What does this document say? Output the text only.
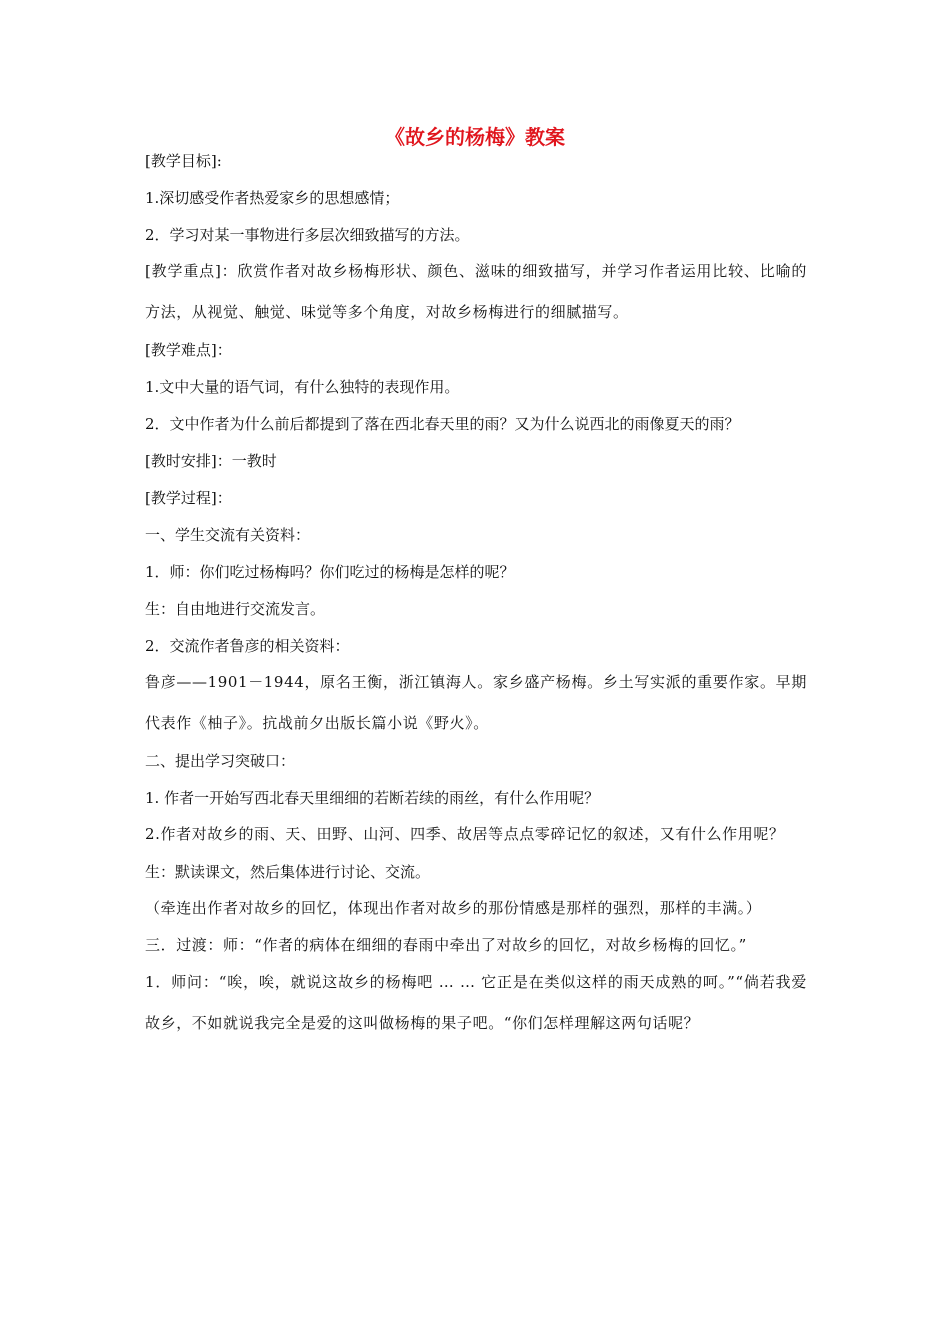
《故乡的杨梅》教案

[教学目标]:

1.深切感受作者热爱家乡的思想感情；

2．学习对某一事物进行多层次细致描写的方法。

[教学重点]：欣赏作者对故乡杨梅形状、颜色、滋味的细致描写，并学习作者运用比较、比喻的方法，从视觉、触觉、味觉等多个角度，对故乡杨梅进行的细腻描写。

[教学难点]：

1.文中大量的语气词，有什么独特的表现作用。

2．文中作者为什么前后都提到了落在西北春天里的雨？又为什么说西北的雨像夏天的雨？

[教时安排]：一教时

[教学过程]：

一、学生交流有关资料：

1．师：你们吃过杨梅吗？你们吃过的杨梅是怎样的呢？

生：自由地进行交流发言。

2．交流作者鲁彦的相关资料：

鲁彦——1901－1944，原名王衡，浙江镇海人。家乡盛产杨梅。乡土写实派的重要作家。早期代表作《柚子》。抗战前夕出版长篇小说《野火》。

二、提出学习突破口：

1. 作者一开始写西北春天里细细的若断若续的雨丝，有什么作用呢？

2.作者对故乡的雨、天、田野、山河、四季、故居等点点零碎记忆的叙述，又有什么作用呢？

生：默读课文，然后集体进行讨论、交流。

（牵连出作者对故乡的回忆，体现出作者对故乡的那份情感是那样的强烈，那样的丰满。）

三．过渡：师：“作者的病体在细细的春雨中牵出了对故乡的回忆，对故乡杨梅的回忆。”

1．师问：“唉，唉，就说这故乡的杨梅吧 … … 它正是在类似这样的雨天成熟的呵。”“倘若我爱故乡，不如就说我完全是爱的这叫做杨梅的果子吧。“你们怎样理解这两句话呢？
